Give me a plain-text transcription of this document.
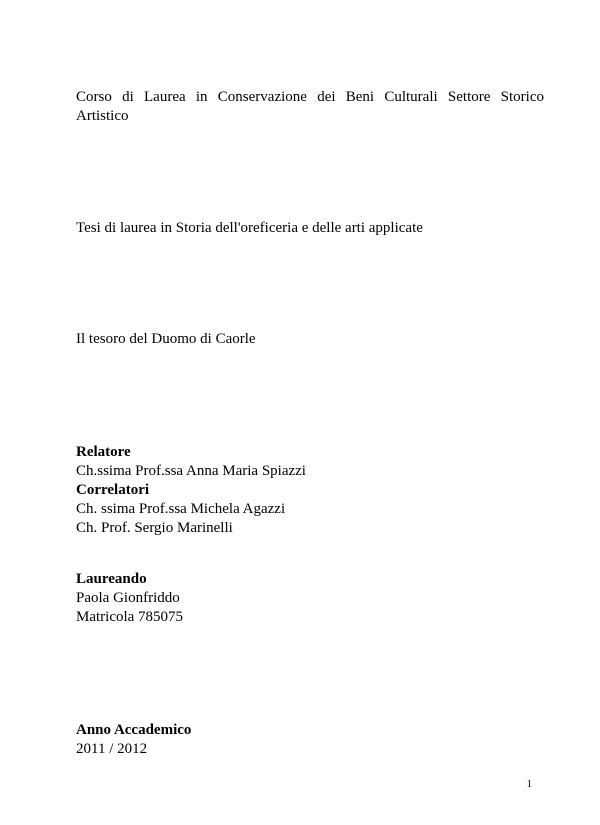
Corso di Laurea in Conservazione dei Beni Culturali Settore Storico
Artistico
Tesi di laurea in Storia dell'oreficeria e delle arti applicate
Il tesoro del Duomo di Caorle
Relatore
Ch.ssima Prof.ssa Anna Maria Spiazzi
Correlatori
Ch. ssima Prof.ssa Michela Agazzi
Ch. Prof. Sergio Marinelli
Laureando
Paola Gionfriddo
Matricola 785075
Anno Accademico
2011 / 2012
1
